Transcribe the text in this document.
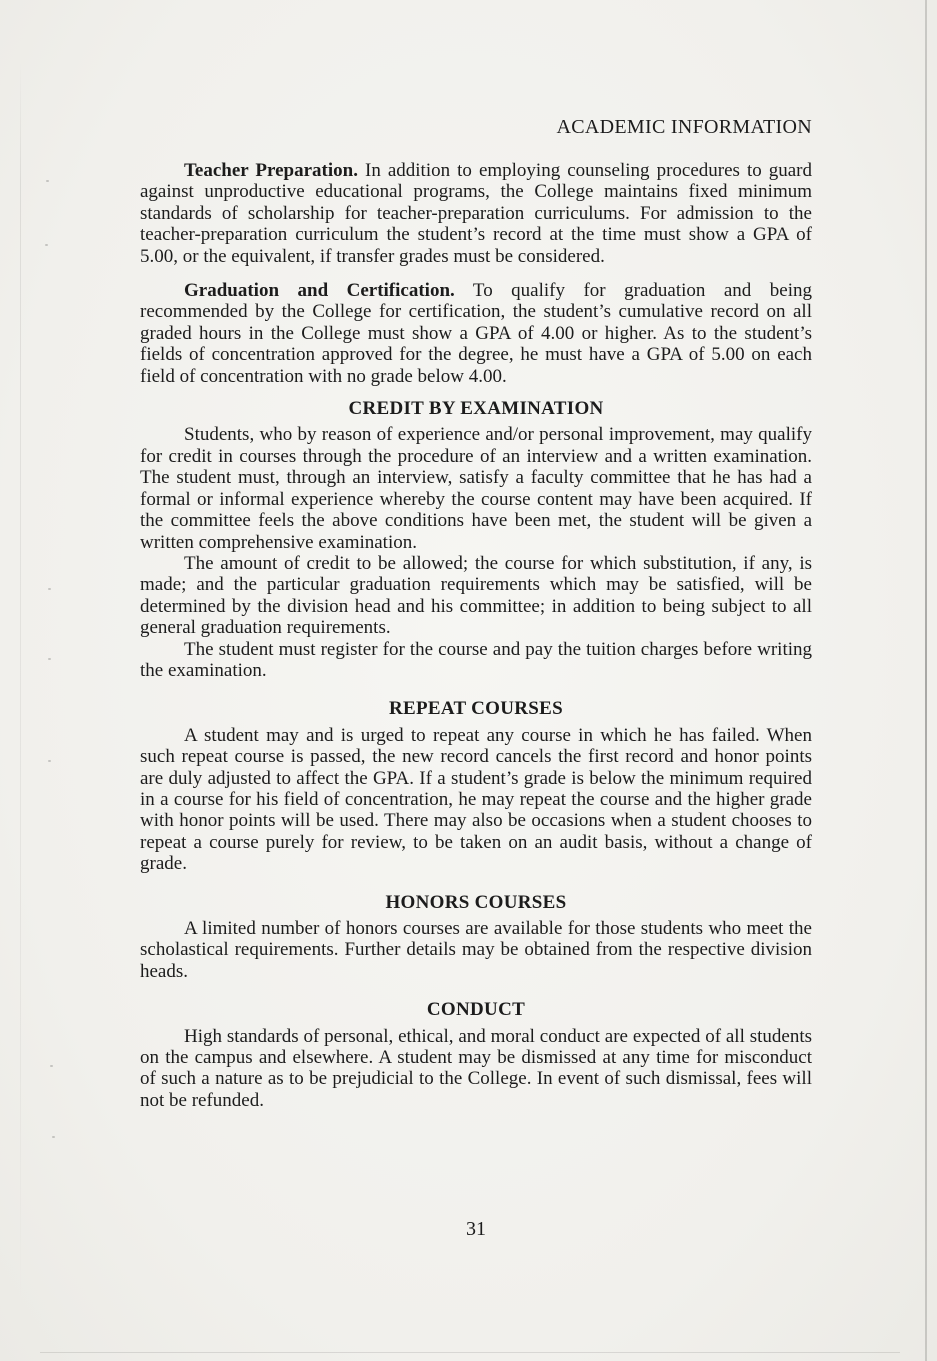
ACADEMIC INFORMATION

Teacher Preparation. In addition to employing counseling procedures to guard against unproductive educational programs, the College maintains fixed minimum standards of scholarship for teacher-preparation curriculums. For admission to the teacher-preparation curriculum the student’s record at the time must show a GPA of 5.00, or the equivalent, if transfer grades must be considered.

Graduation and Certification. To qualify for graduation and being recommended by the College for certification, the student’s cumulative record on all graded hours in the College must show a GPA of 4.00 or higher. As to the student’s fields of concentration approved for the degree, he must have a GPA of 5.00 on each field of concentration with no grade below 4.00.

CREDIT BY EXAMINATION

Students, who by reason of experience and/or personal improvement, may qualify for credit in courses through the procedure of an interview and a written examination. The student must, through an interview, satisfy a faculty committee that he has had a formal or informal experience whereby the course content may have been acquired. If the committee feels the above conditions have been met, the student will be given a written comprehensive examination.

The amount of credit to be allowed; the course for which substitution, if any, is made; and the particular graduation requirements which may be satisfied, will be determined by the division head and his committee; in addition to being subject to all general graduation requirements.

The student must register for the course and pay the tuition charges before writing the examination.

REPEAT COURSES

A student may and is urged to repeat any course in which he has failed. When such repeat course is passed, the new record cancels the first record and honor points are duly adjusted to affect the GPA. If a student’s grade is below the minimum required in a course for his field of concentration, he may repeat the course and the higher grade with honor points will be used. There may also be occasions when a student chooses to repeat a course purely for review, to be taken on an audit basis, without a change of grade.

HONORS COURSES

A limited number of honors courses are available for those students who meet the scholastical requirements. Further details may be obtained from the respective division heads.

CONDUCT

High standards of personal, ethical, and moral conduct are expected of all students on the campus and elsewhere. A student may be dismissed at any time for misconduct of such a nature as to be prejudicial to the College. In event of such dismissal, fees will not be refunded.

31
